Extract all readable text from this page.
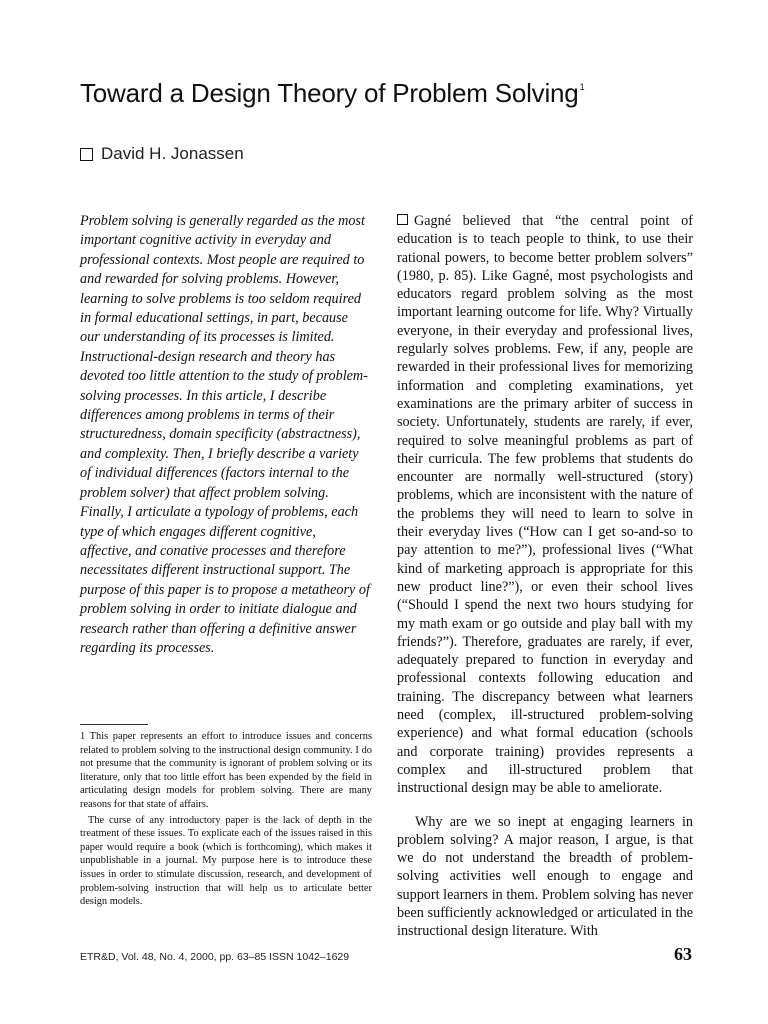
Toward a Design Theory of Problem Solving$^1$
David H. Jonassen
Problem solving is generally regarded as the most important cognitive activity in everyday and professional contexts. Most people are required to and rewarded for solving problems. However, learning to solve problems is too seldom required in formal educational settings, in part, because our understanding of its processes is limited. Instructional-design research and theory has devoted too little attention to the study of problem-solving processes. In this article, I describe differences among problems in terms of their structuredness, domain specificity (abstractness), and complexity. Then, I briefly describe a variety of individual differences (factors internal to the problem solver) that affect problem solving. Finally, I articulate a typology of problems, each type of which engages different cognitive, affective, and conative processes and therefore necessitates different instructional support. The purpose of this paper is to propose a metatheory of problem solving in order to initiate dialogue and research rather than offering a definitive answer regarding its processes.

1 This paper represents an effort to introduce issues and concerns related to problem solving to the instructional design community. I do not presume that the community is ignorant of problem solving or its literature, only that too little effort has been expended by the field in articulating design models for problem solving. There are many reasons for that state of affairs.

The curse of any introductory paper is the lack of depth in the treatment of these issues. To explicate each of the issues raised in this paper would require a book (which is forthcoming), which makes it unpublishable in a journal. My purpose here is to introduce these issues in order to stimulate discussion, research, and development of problem-solving instruction that will help us to articulate better design models.

Gagné believed that “the central point of education is to teach people to think, to use their rational powers, to become better problem solvers” (1980, p. 85). Like Gagné, most psychologists and educators regard problem solving as the most important learning outcome for life. Why? Virtually everyone, in their everyday and professional lives, regularly solves problems. Few, if any, people are rewarded in their professional lives for memorizing information and completing examinations, yet examinations are the primary arbiter of success in society. Unfortunately, students are rarely, if ever, required to solve meaningful problems as part of their curricula. The few problems that students do encounter are normally well-structured (story) problems, which are inconsistent with the nature of the problems they will need to learn to solve in their everyday lives (“How can I get so-and-so to pay attention to me?”), professional lives (“What kind of marketing approach is appropriate for this new product line?”), or even their school lives (“Should I spend the next two hours studying for my math exam or go outside and play ball with my friends?”). Therefore, graduates are rarely, if ever, adequately prepared to function in everyday and professional contexts following education and training. The discrepancy between what learners need (complex, ill-structured problem-solving experience) and what formal education (schools and corporate training) provides represents a complex and ill-structured problem that instructional design may be able to ameliorate.

Why are we so inept at engaging learners in problem solving? A major reason, I argue, is that we do not understand the breadth of problem-solving activities well enough to engage and support learners in them. Problem solving has never been sufficiently acknowledged or articulated in the instructional design literature. With

ETR&D, Vol. 48, No. 4, 2000, pp. 63–85 ISSN 1042–1629	63
